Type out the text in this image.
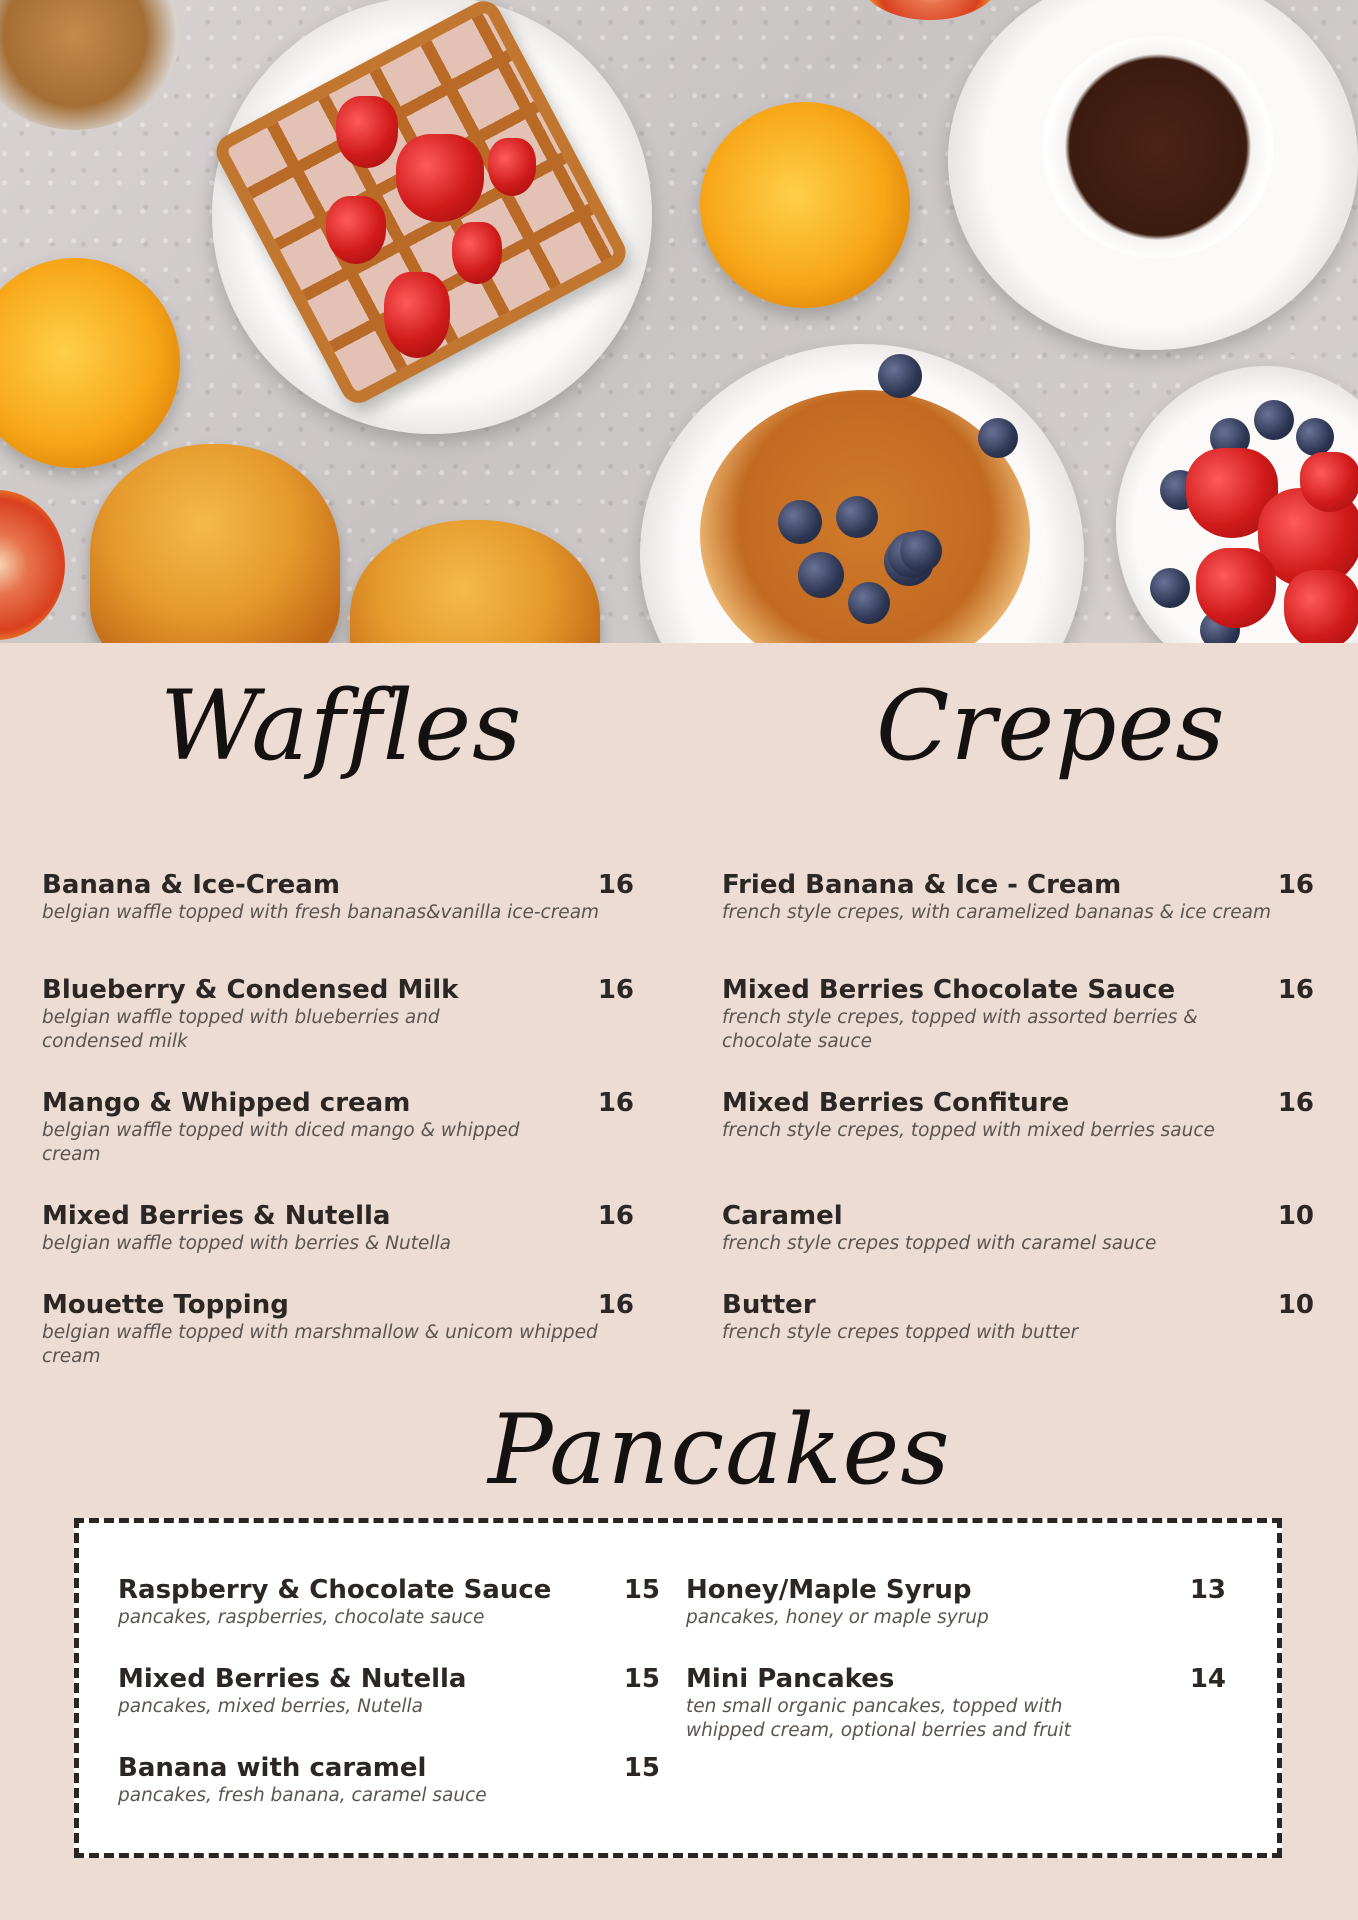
Waffles
Banana & Ice-Cream	16
belgian waffle topped with fresh bananas&vanilla ice-cream
Blueberry & Condensed Milk	16
belgian waffle topped with blueberries and condensed milk
Mango & Whipped cream	16
belgian waffle topped with diced mango & whipped cream
Mixed Berries & Nutella	16
belgian waffle topped with berries & Nutella
Mouette Topping	16
belgian waffle topped with marshmallow & unicom whipped cream
Crepes
Fried Banana & Ice - Cream	16
french style crepes, with caramelized bananas & ice cream
Mixed Berries Chocolate Sauce	16
french style crepes, topped with assorted berries & chocolate sauce
Mixed Berries Confiture	16
french style crepes, topped with mixed berries sauce
Caramel	10
french style crepes topped with caramel sauce
Butter	10
french style crepes topped with butter
Pancakes
Raspberry & Chocolate Sauce	15
pancakes, raspberries, chocolate sauce
Mixed Berries & Nutella	15
pancakes, mixed berries, Nutella
Banana with caramel	15
pancakes, fresh banana, caramel sauce
Honey/Maple Syrup	13
pancakes, honey or maple syrup
Mini Pancakes	14
ten small organic pancakes, topped with whipped cream, optional berries and fruit
